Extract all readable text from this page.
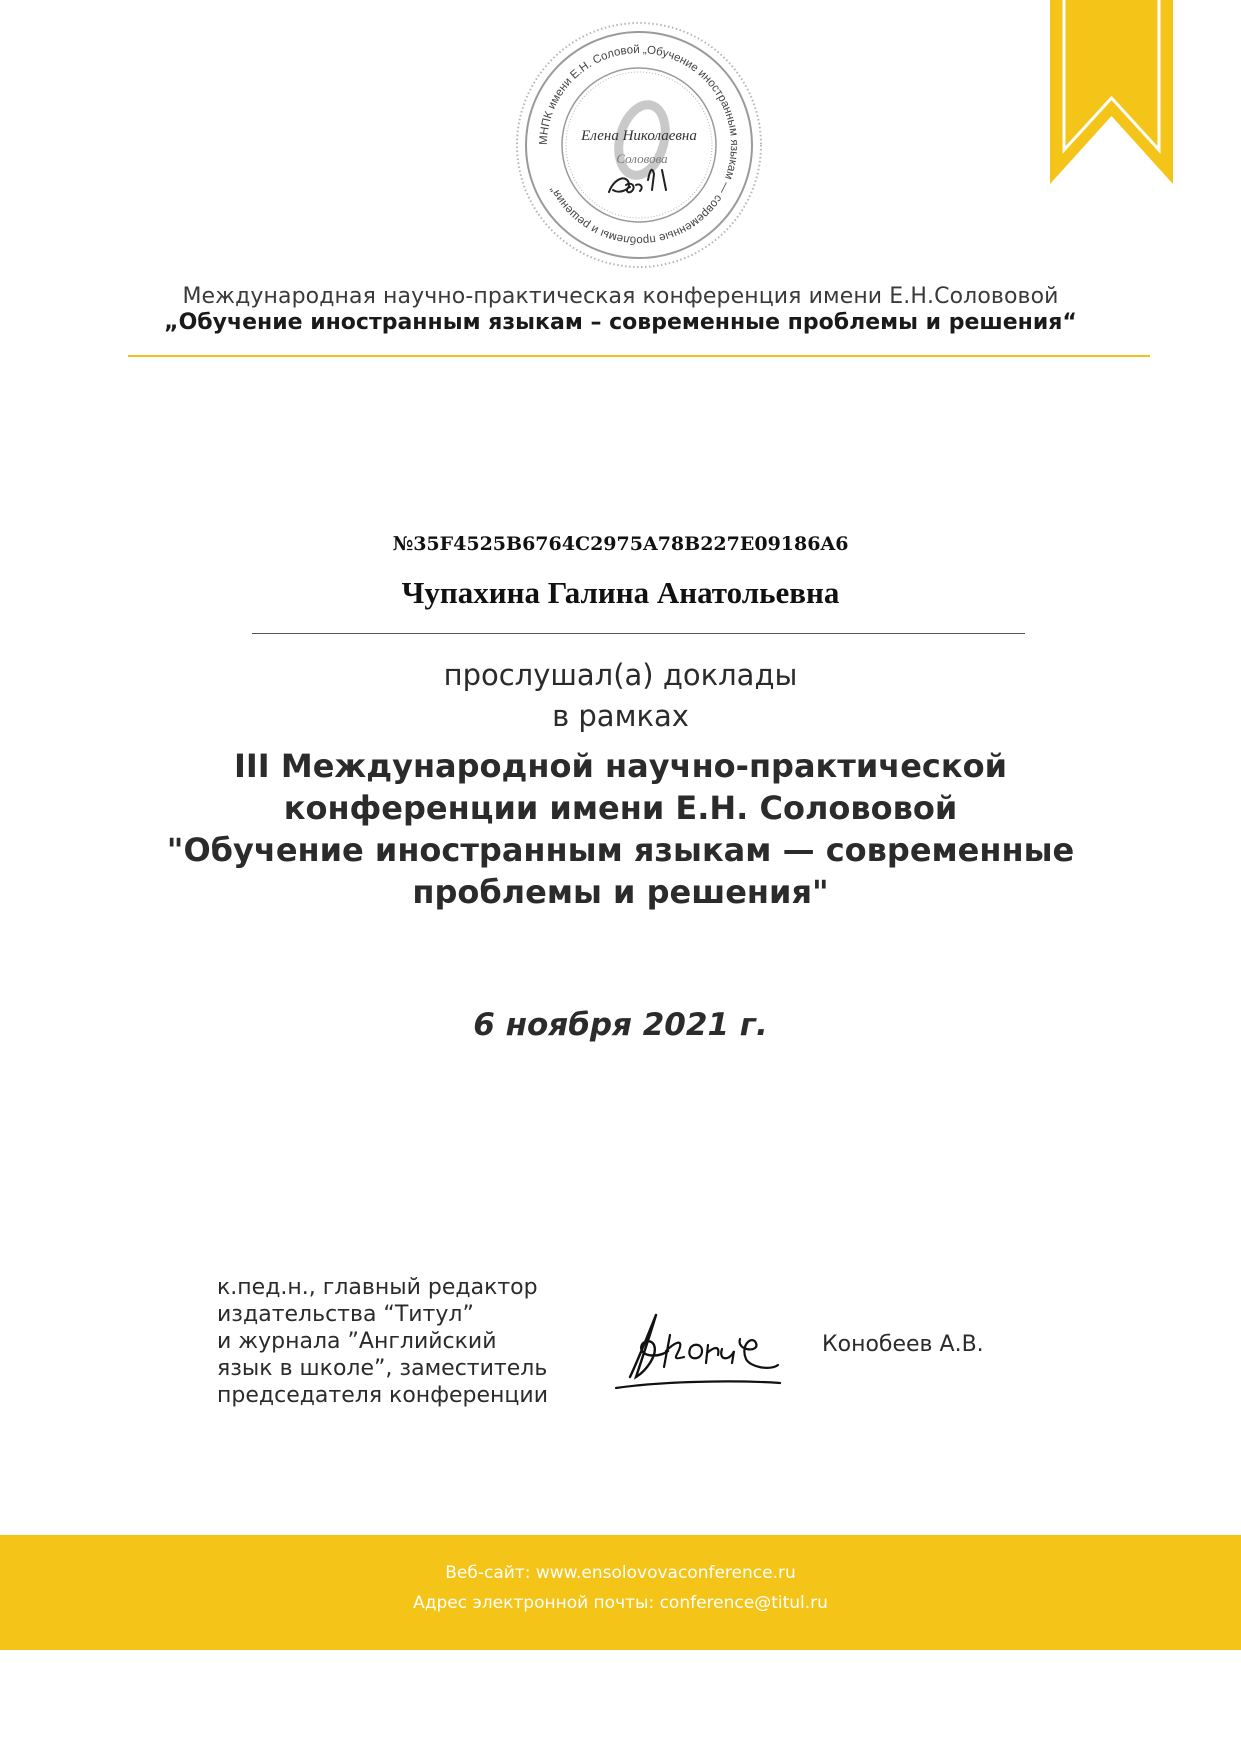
МНПК имени Е.Н. Соловой „Обучение иностранным языкам — современные проблемы и решения"
Елена Николаевна
Соловова
Международная научно-практическая конференция имени Е.Н.Солововой
„Обучение иностранным языкам – современные проблемы и решения“
№35F4525B6764C2975A78B227E09186A6
Чупахина Галина Анатольевна
прослушал(а) доклады
в рамках
III Международной научно-практической
конференции имени Е.Н. Солововой
"Обучение иностранным языкам — современные
проблемы и решения"
6 ноября 2021 г.
к.пед.н., главный редактор
издательства “Титул”
и журнала ”Английский
язык в школе”, заместитель
председателя конференции
Конобеев А.В.
Веб-сайт: www.ensolovovaconference.ru
Адрес электронной почты: conference@titul.ru
